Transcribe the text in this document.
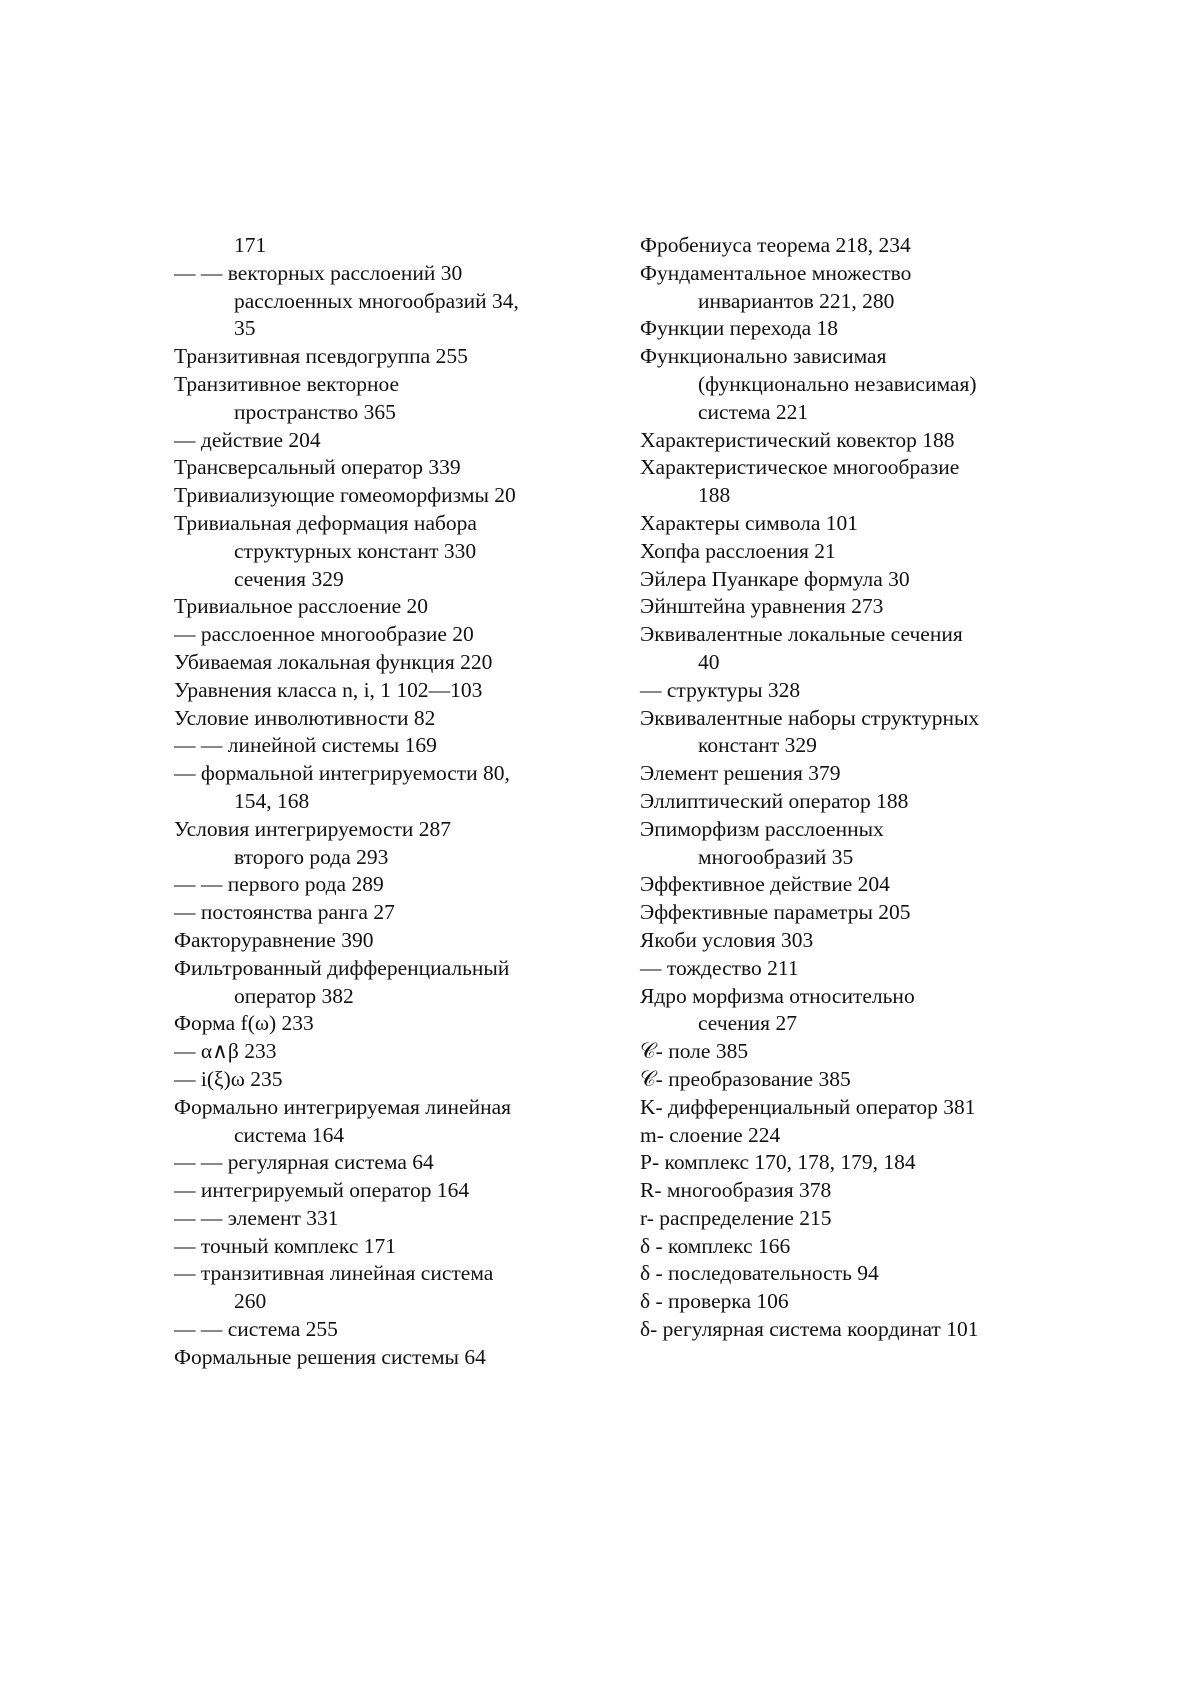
171
— — векторных расслоений 30
расслоенных многообразий 34,
35
Транзитивная псевдогруппа 255
Транзитивное векторное
пространство 365
— действие 204
Трансверсальный оператор 339
Тривиализующие гомеоморфизмы 20
Тривиальная деформация набора
структурных констант 330
сечения 329
Тривиальное расслоение 20
— расслоенное многообразие 20
Убиваемая локальная функция 220
Уравнения класса n, i, 1 102—103
Условие инволютивности 82
— — линейной системы 169
— формальной интегрируемости 80,
154, 168
Условия интегрируемости 287
второго рода 293
— — первого рода 289
— постоянства ранга 27
Факторуравнение 390
Фильтрованный дифференциальный
оператор 382
Форма f(ω) 233
— α∧β 233
— i(ξ)ω 235
Формально интегрируемая линейная
система 164
— — регулярная система 64
— интегрируемый оператор 164
— — элемент 331
— точный комплекс 171
— транзитивная линейная система
260
— — система 255
Формальные решения системы 64
Фробениуса теорема 218, 234
Фундаментальное множество
инвариантов 221, 280
Функции перехода 18
Функционально зависимая
(функционально независимая)
система 221
Характеристический ковектор 188
Характеристическое многообразие
188
Характеры символа 101
Хопфа расслоения 21
Эйлера Пуанкаре формула 30
Эйнштейна уравнения 273
Эквивалентные локальные сечения
40
— структуры 328
Эквивалентные наборы структурных
констант 329
Элемент решения 379
Эллиптический оператор 188
Эпиморфизм расслоенных
многообразий 35
Эффективное действие 204
Эффективные параметры 205
Якоби условия 303
— тождество 211
Ядро морфизма относительно
сечения 27
𝒞- поле 385
𝒞- преобразование 385
K- дифференциальный оператор 381
m- слоение 224
P- комплекс 170, 178, 179, 184
R- многообразия 378
r- распределение 215
δ - комплекс 166
δ - последовательность 94
δ - проверка 106
δ- регулярная система координат 101
